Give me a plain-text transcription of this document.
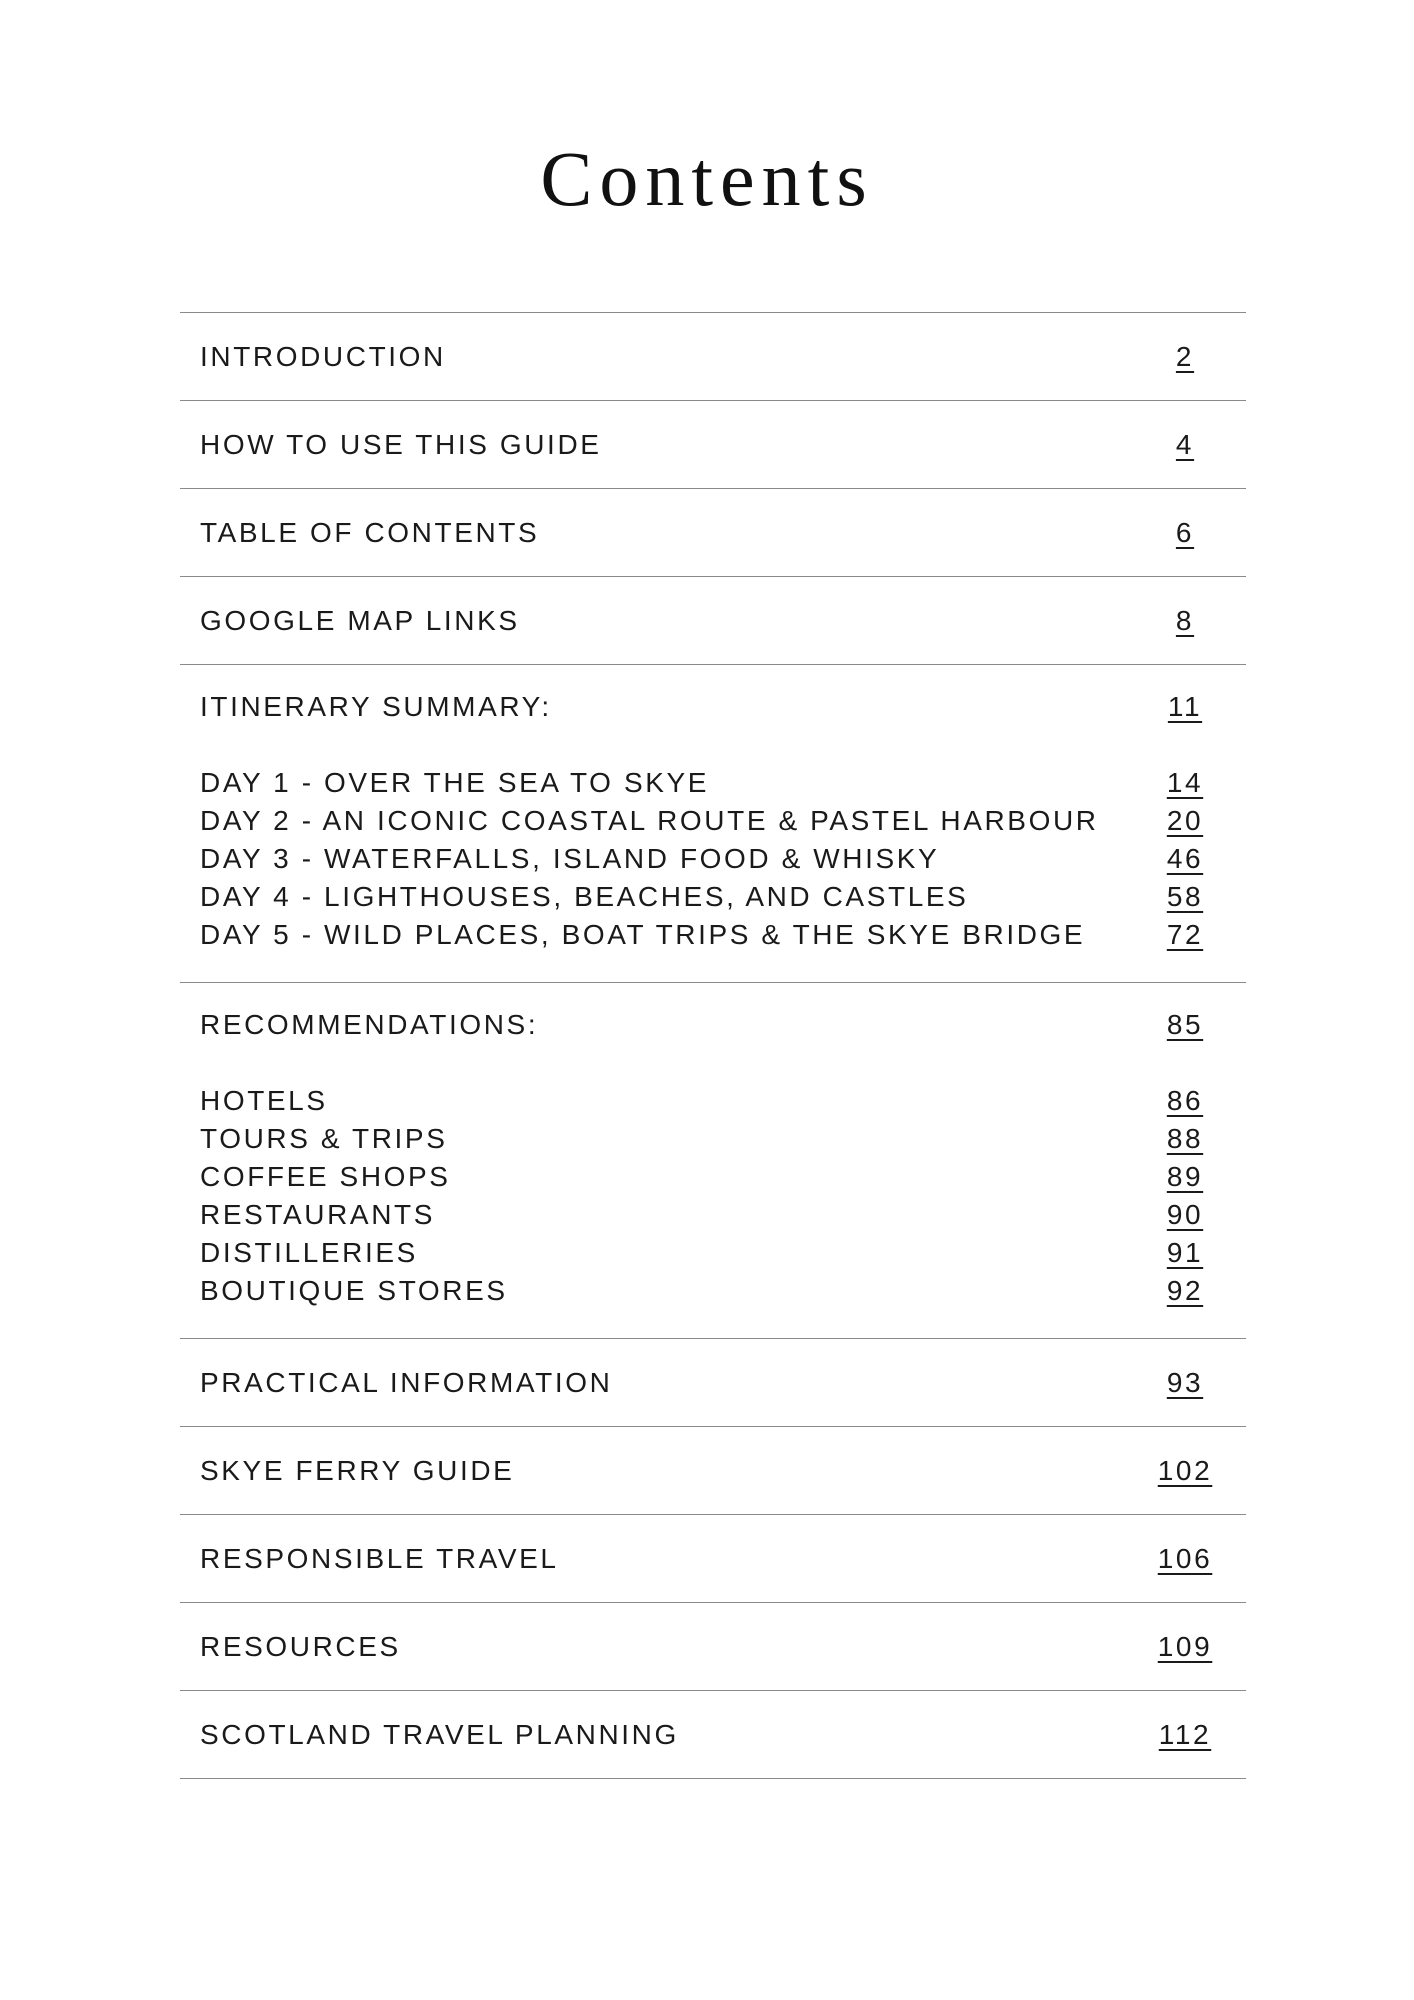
Contents
INTRODUCTION	2
HOW TO USE THIS GUIDE	4
TABLE OF CONTENTS	6
GOOGLE MAP LINKS	8
ITINERARY SUMMARY:	11
DAY 1 - OVER THE SEA TO SKYE	14
DAY 2 - AN ICONIC COASTAL ROUTE & PASTEL HARBOUR	20
DAY 3 - WATERFALLS, ISLAND FOOD & WHISKY	46
DAY 4 - LIGHTHOUSES, BEACHES, AND CASTLES	58
DAY 5 - WILD PLACES, BOAT TRIPS & THE SKYE BRIDGE	72
RECOMMENDATIONS:	85
HOTELS	86
TOURS & TRIPS	88
COFFEE SHOPS	89
RESTAURANTS	90
DISTILLERIES	91
BOUTIQUE STORES	92
PRACTICAL INFORMATION	93
SKYE FERRY GUIDE	102
RESPONSIBLE TRAVEL	106
RESOURCES	109
SCOTLAND TRAVEL PLANNING	112
